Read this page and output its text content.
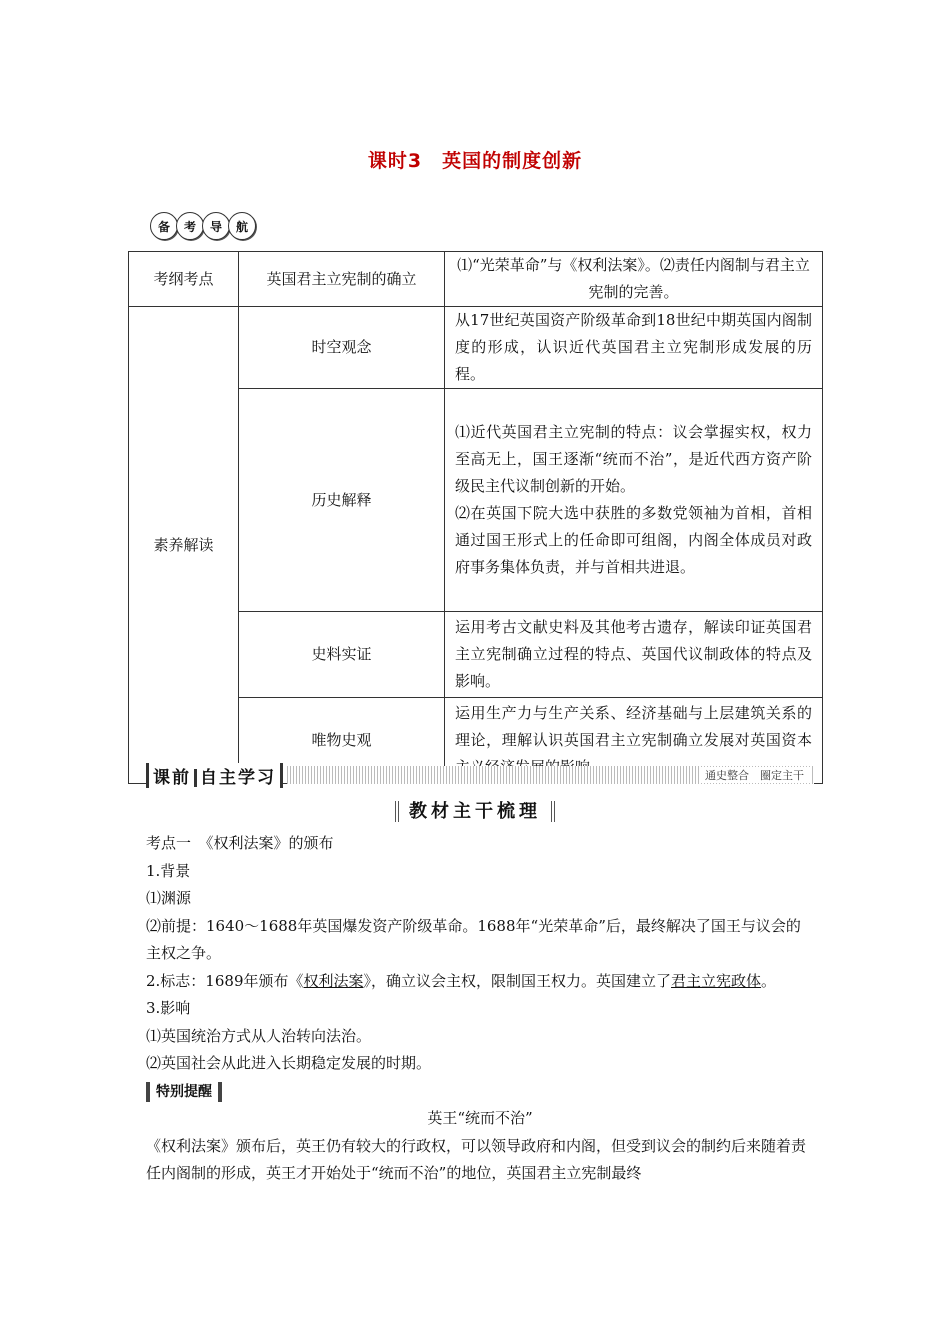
课时3　英国的制度创新
备	考	导	航
考纲考点	英国君主立宪制的确立	⑴“光荣革命”与《权利法案》。⑵责任内阁制与君主立宪制的完善。
素养解读	时空观念	从17世纪英国资产阶级革命到18世纪中期英国内阁制度的形成，认识近代英国君主立宪制形成发展的历程。
	历史解释	⑴近代英国君主立宪制的特点：议会掌握实权，权力至高无上，国王逐渐“统而不治”，是近代西方资产阶级民主代议制创新的开始。
⑵在英国下院大选中获胜的多数党领袖为首相，首相通过国王形式上的任命即可组阁，内阁全体成员对政府事务集体负责，并与首相共进退。

	史料实证	运用考古文献史料及其他考古遗存，解读印证英国君主立宪制确立过程的特点、英国代议制政体的特点及影响。
	唯物史观	运用生产力与生产关系、经济基础与上层建筑关系的理论，理解认识英国君主立宪制确立发展对英国资本
课前 自主学习	通史整合　圈定主干
教材主干梳理

考点一　《权利法案》的颁布

1.背景

⑴渊源

⑵前提：1640～1688年英国爆发资产阶级革命。1688年“光荣革命”后，最终解决了国王与议会的主权之争。

2.标志：1689年颁布《权利法案》，确立议会主权，限制国王权力。英国建立了君主立宪政体。

3.影响

⑴英国统治方式从人治转向法治。

⑵英国社会从此进入长期稳定发展的时期。

特别提醒

英王“统而不治”

《权利法案》颁布后，英王仍有较大的行政权，可以领导政府和内阁，但受到议会的制约后来随着责任内阁制的形成，英王才开始处于“统而不治”的地位，英国君主立宪制最终
